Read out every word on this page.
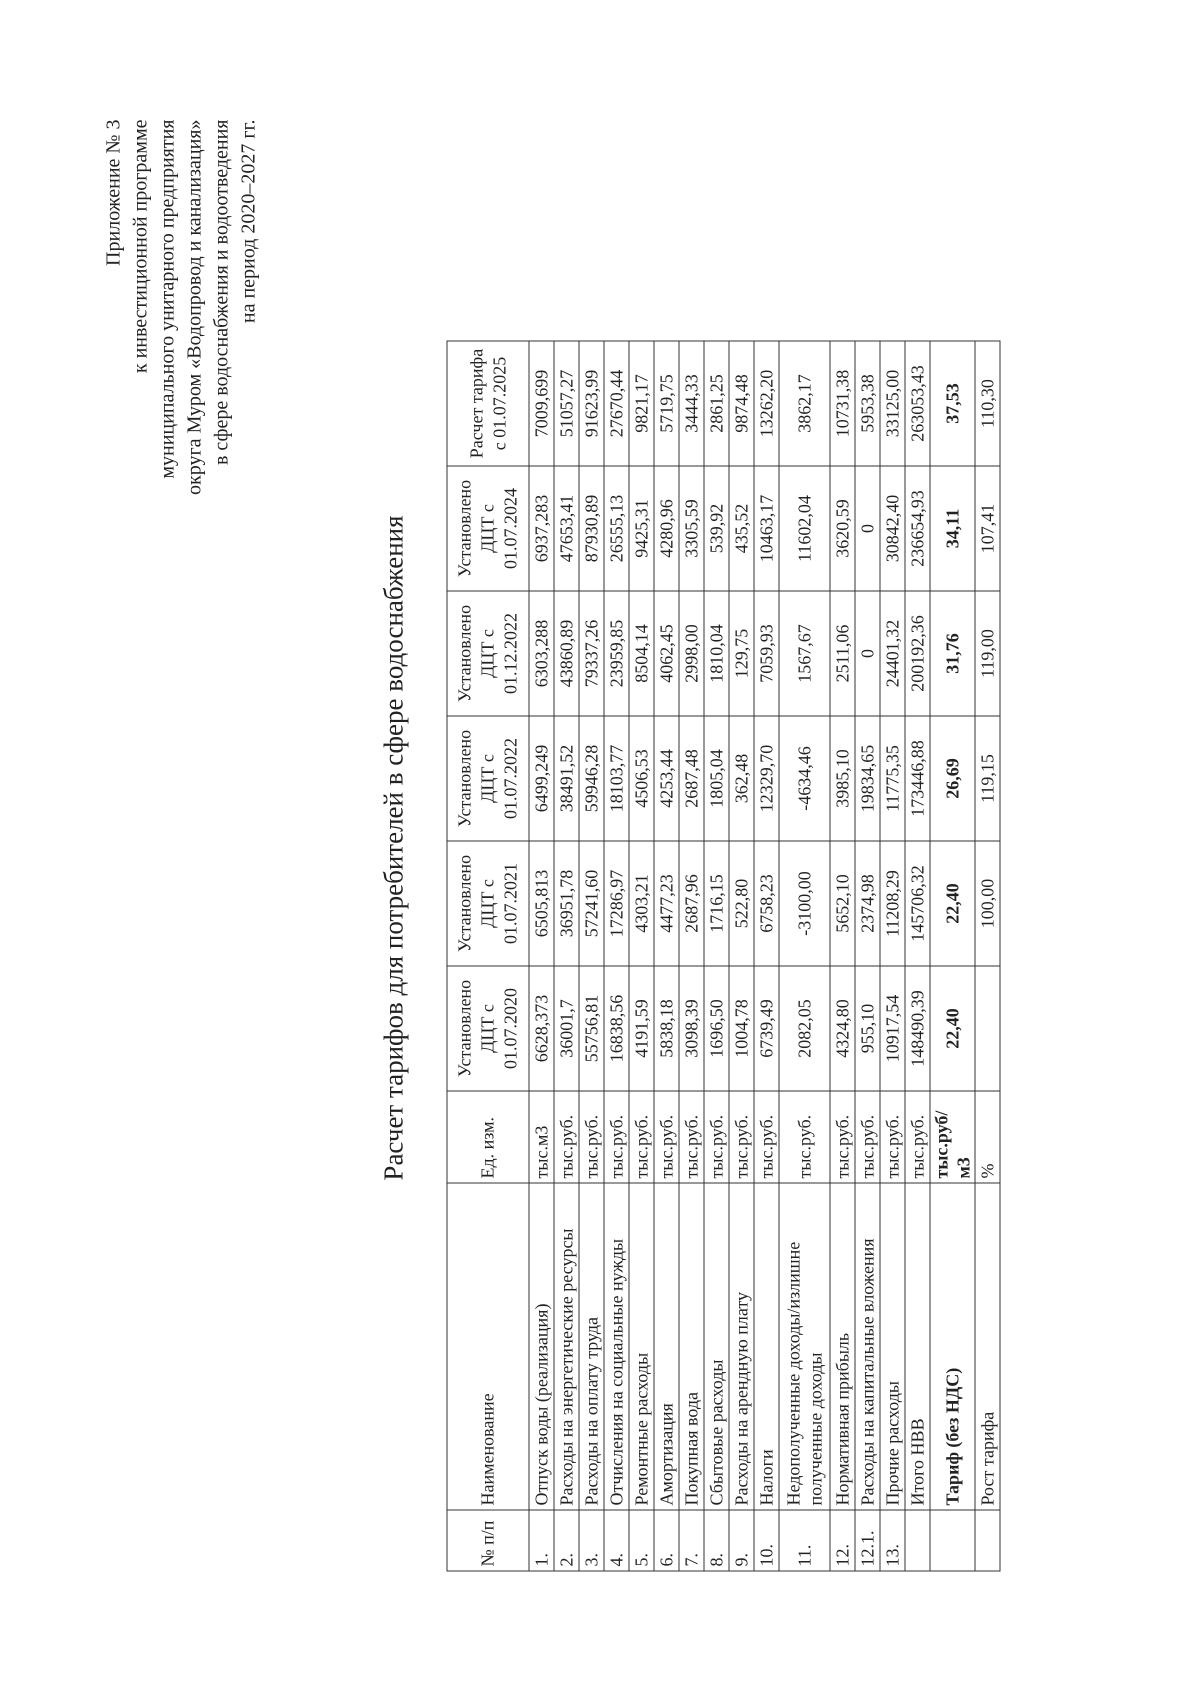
Приложение № 3 к инвестиционной программе муниципального унитарного предприятия округа Муром «Водопровод и канализация» в сфере водоснабжения и водоотведения на период 2020–2027 гг.
Расчет тарифов для потребителей в сфере водоснабжения
№ п/п	Наименование	Ед. изм.	Установлено ДЦТ с 01.07.2020	Установлено ДЦТ с 01.07.2021	Установлено ДЦТ с 01.07.2022	Установлено ДЦТ с 01.12.2022	Установлено ДЦТ с 01.07.2024	Расчет тарифа с 01.07.2025
1.	Отпуск воды (реализация)	тыс.м3	6628,373	6505,813	6499,249	6303,288	6937,283	7009,699
2.	Расходы на энергетические ресурсы	тыс.руб.	36001,7	36951,78	38491,52	43860,89	47653,41	51057,27
3.	Расходы на оплату труда	тыс.руб.	55756,81	57241,60	59946,28	79337,26	87930,89	91623,99
4.	Отчисления на социальные нужды	тыс.руб.	16838,56	17286,97	18103,77	23959,85	26555,13	27670,44
5.	Ремонтные расходы	тыс.руб.	4191,59	4303,21	4506,53	8504,14	9425,31	9821,17
6.	Амортизация	тыс.руб.	5838,18	4477,23	4253,44	4062,45	4280,96	5719,75
7.	Покупная вода	тыс.руб.	3098,39	2687,96	2687,48	2998,00	3305,59	3444,33
8.	Сбытовые расходы	тыс.руб.	1696,50	1716,15	1805,04	1810,04	539,92	2861,25
9.	Расходы на арендную плату	тыс.руб.	1004,78	522,80	362,48	129,75	435,52	9874,48
10.	Налоги	тыс.руб.	6739,49	6758,23	12329,70	7059,93	10463,17	13262,20
11.	Недополученные доходы/излишне полученные доходы	тыс.руб.	2082,05	-3100,00	-4634,46	1567,67	11602,04	3862,17
12.	Нормативная прибыль	тыс.руб.	4324,80	5652,10	3985,10	2511,06	3620,59	10731,38
12.1.	Расходы на капитальные вложения	тыс.руб.	955,10	2374,98	19834,65	0	0	5953,38
13.	Прочие расходы	тыс.руб.	10917,54	11208,29	11775,35	24401,32	30842,40	33125,00
	Итого НВВ	тыс.руб.	148490,39	145706,32	173446,88	200192,36	236654,93	263053,43
	Тариф (без НДС)	тыс.руб/м3	22,40	22,40	26,69	31,76	34,11	37,53
	Рост тарифа	%		100,00	119,15	119,00	107,41	110,30
